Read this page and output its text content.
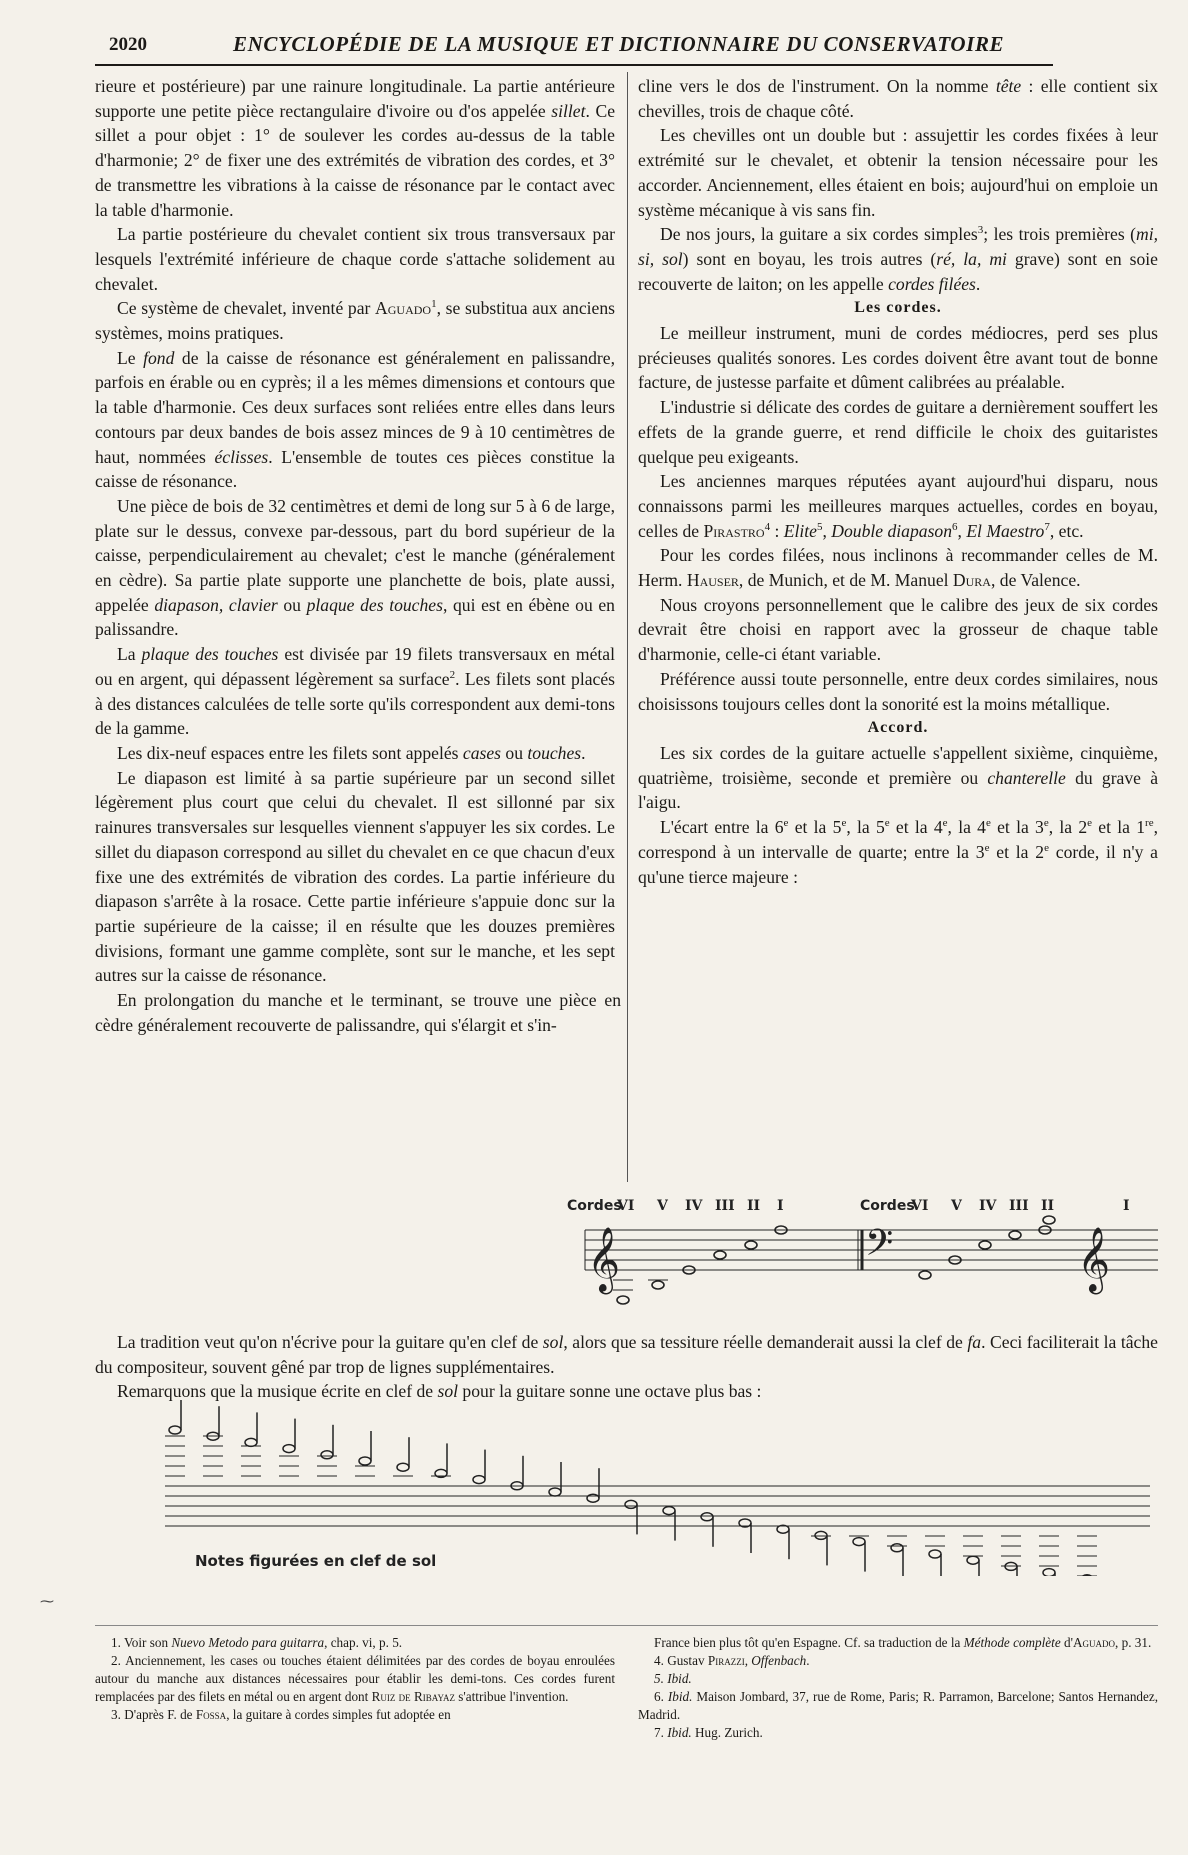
2020	ENCYCLOPÉDIE DE LA MUSIQUE ET DICTIONNAIRE DU CONSERVATOIRE

rieure et postérieure) par une rainure longitudinale. La partie antérieure supporte une petite pièce rectangulaire d'ivoire ou d'os appelée sillet. Ce sillet a pour objet : 1° de soulever les cordes au-dessus de la table d'harmonie; 2° de fixer une des extrémités de vibration des cordes, et 3° de transmettre les vibrations à la caisse de résonance par le contact avec la table d'harmonie.

La partie postérieure du chevalet contient six trous transversaux par lesquels l'extrémité inférieure de chaque corde s'attache solidement au chevalet.

Ce système de chevalet, inventé par Aguado$^1$, se substitua aux anciens systèmes, moins pratiques.

Le fond de la caisse de résonance est généralement en palissandre, parfois en érable ou en cyprès; il a les mêmes dimensions et contours que la table d'harmonie. Ces deux surfaces sont reliées entre elles dans leurs contours par deux bandes de bois assez minces de 9 à 10 centimètres de haut, nommées éclisses. L'ensemble de toutes ces pièces constitue la caisse de résonance.

Une pièce de bois de 32 centimètres et demi de long sur 5 à 6 de large, plate sur le dessus, convexe par-dessous, part du bord supérieur de la caisse, perpendiculairement au chevalet; c'est le manche (généralement en cèdre). Sa partie plate supporte une planchette de bois, plate aussi, appelée diapason, clavier ou plaque des touches, qui est en ébène ou en palissandre.

La plaque des touches est divisée par 19 filets transversaux en métal ou en argent, qui dépassent légèrement sa surface$^2$. Les filets sont placés à des distances calculées de telle sorte qu'ils correspondent aux demi-tons de la gamme.

Les dix-neuf espaces entre les filets sont appelés cases ou touches.

Le diapason est limité à sa partie supérieure par un second sillet légèrement plus court que celui du chevalet. Il est sillonné par six rainures transversales sur lesquelles viennent s'appuyer les six cordes. Le sillet du diapason correspond au sillet du chevalet en ce que chacun d'eux fixe une des extrémités de vibration des cordes. La partie inférieure du diapason s'arrête à la rosace. Cette partie inférieure s'appuie donc sur la partie supérieure de la caisse; il en résulte que les douzes premières divisions, formant une gamme complète, sont sur le manche, et les sept autres sur la caisse de résonance.

En prolongation du manche et le terminant, se trouve une pièce en cèdre généralement recouverte de palissandre, qui s'élargit et s'in-

cline vers le dos de l'instrument. On la nomme tête : elle contient six chevilles, trois de chaque côté.

Les chevilles ont un double but : assujettir les cordes fixées à leur extrémité sur le chevalet, et obtenir la tension nécessaire pour les accorder. Anciennement, elles étaient en bois; aujourd'hui on emploie un système mécanique à vis sans fin.

De nos jours, la guitare a six cordes simples$^3$; les trois premières (mi, si, sol) sont en boyau, les trois autres (ré, la, mi grave) sont en soie recouverte de laiton; on les appelle cordes filées.

Les cordes.

Le meilleur instrument, muni de cordes médiocres, perd ses plus précieuses qualités sonores. Les cordes doivent être avant tout de bonne facture, de justesse parfaite et dûment calibrées au préalable.

L'industrie si délicate des cordes de guitare a dernièrement souffert les effets de la grande guerre, et rend difficile le choix des guitaristes quelque peu exigeants.

Les anciennes marques réputées ayant aujourd'hui disparu, nous connaissons parmi les meilleures marques actuelles, cordes en boyau, celles de Pirastro$^4$ : Elite$^5$, Double diapason$^6$, El Maestro$^7$, etc.

Pour les cordes filées, nous inclinons à recommander celles de M. Herm. Hauser, de Munich, et de M. Manuel Dura, de Valence.

Nous croyons personnellement que le calibre des jeux de six cordes devrait être choisi en rapport avec la grosseur de chaque table d'harmonie, celle-ci étant variable.

Préférence aussi toute personnelle, entre deux cordes similaires, nous choisissons toujours celles dont la sonorité est la moins métallique.

Accord.

Les six cordes de la guitare actuelle s'appellent sixième, cinquième, quatrième, troisième, seconde et première ou chanterelle du grave à l'aigu.

L'écart entre la 6e et la 5e, la 5e et la 4e, la 4e et la 3e, la 2e et la 1re, correspond à un intervalle de quarte; entre la 3e et la 2e corde, il n'y a qu'une tierce majeure :

Cordes	Cordes
VI V IV III II I	VI V IV III II	I
𝄞	𝄢	𝄞

La tradition veut qu'on n'écrive pour la guitare qu'en clef de sol, alors que sa tessiture réelle demanderait aussi la clef de fa. Ceci faciliterait la tâche du compositeur, souvent gêné par trop de lignes supplémentaires.

Remarquons que la musique écrite en clef de sol pour la guitare sonne une octave plus bas :

Notes figurées en clef de sol
⁓

1. Voir son Nuevo Metodo para guitarra, chap. vi, p. 5.

2. Anciennement, les cases ou touches étaient délimitées par des cordes de boyau enroulées autour du manche aux distances nécessaires pour établir les demi-tons. Ces cordes furent remplacées par des filets en métal ou en argent dont Ruiz de Ribayaz s'attribue l'invention.

3. D'après F. de Fossa, la guitare à cordes simples fut adoptée en

France bien plus tôt qu'en Espagne. Cf. sa traduction de la Méthode complète d'Aguado, p. 31.

4. Gustav Pirazzi, Offenbach.

5. Ibid.

6. Ibid. Maison Jombard, 37, rue de Rome, Paris; R. Parramon, Barcelone; Santos Hernandez, Madrid.

7. Ibid. Hug. Zurich.
